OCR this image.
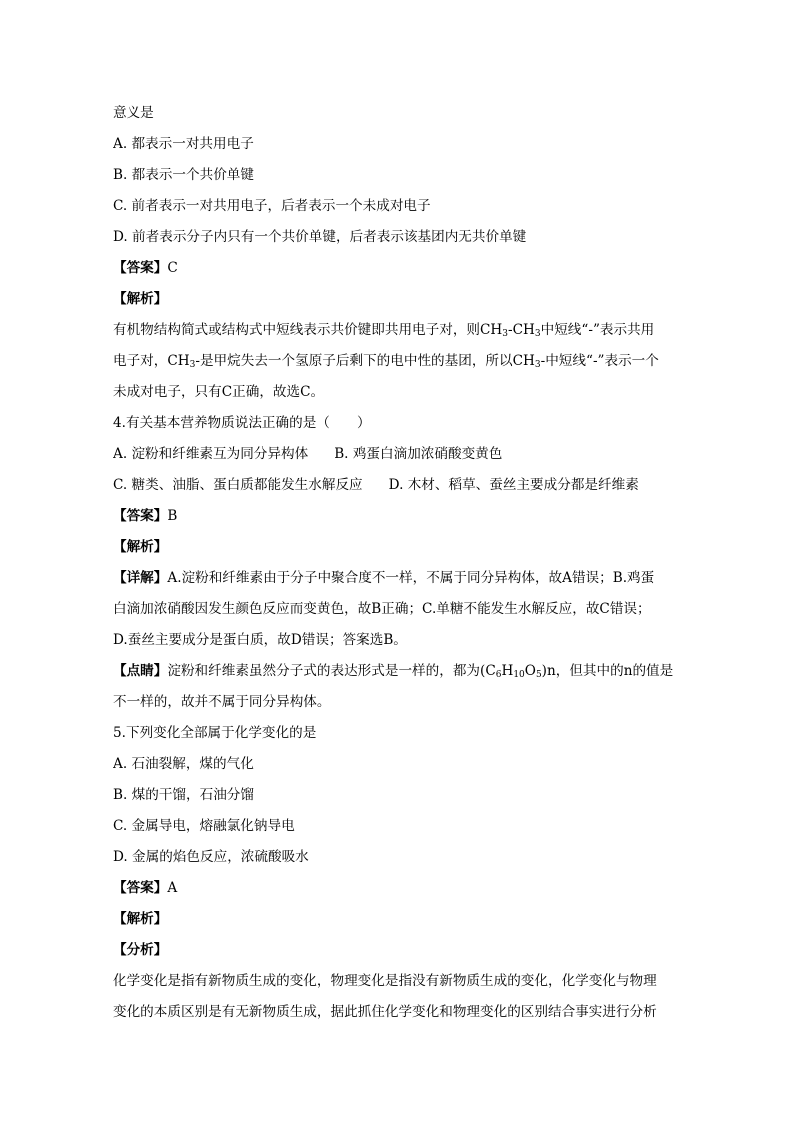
意义是
A. 都表示一对共用电子
B. 都表示一个共价单键
C. 前者表示一对共用电子，后者表示一个未成对电子
D. 前者表示分子内只有一个共价单键，后者表示该基团内无共价单键
【答案】C
【解析】
有机物结构简式或结构式中短线表示共价键即共用电子对，则$CH_3-CH_3$中短线“-”表示共用
电子对，$CH_3-$是甲烷失去一个氢原子后剩下的电中性的基团，所以$CH_3-$中短线“-”表示一个
未成对电子，只有C正确，故选C。
4.有关基本营养物质说法正确的是（　　）
A. 淀粉和纤维素互为同分异构体 B. 鸡蛋白滴加浓硝酸变黄色
C. 糖类、油脂、蛋白质都能发生水解反应 D. 木材、稻草、蚕丝主要成分都是纤维素
【答案】B
【解析】
【详解】A.淀粉和纤维素由于分子中聚合度不一样，不属于同分异构体，故A错误；B.鸡蛋
白滴加浓硝酸因发生颜色反应而变黄色，故B正确；C.单糖不能发生水解反应，故C错误；
D.蚕丝主要成分是蛋白质，故D错误；答案选B。
【点睛】淀粉和纤维素虽然分子式的表达形式是一样的，都为$(C_6H_{10}O_5)n$，但其中的n的值是
不一样的，故并不属于同分异构体。
5.下列变化全部属于化学变化的是
A. 石油裂解，煤的气化
B. 煤的干馏，石油分馏
C. 金属导电，熔融氯化钠导电
D. 金属的焰色反应，浓硫酸吸水
【答案】A
【解析】
【分析】
化学变化是指有新物质生成的变化，物理变化是指没有新物质生成的变化，化学变化与物理
变化的本质区别是有无新物质生成，据此抓住化学变化和物理变化的区别结合事实进行分析
